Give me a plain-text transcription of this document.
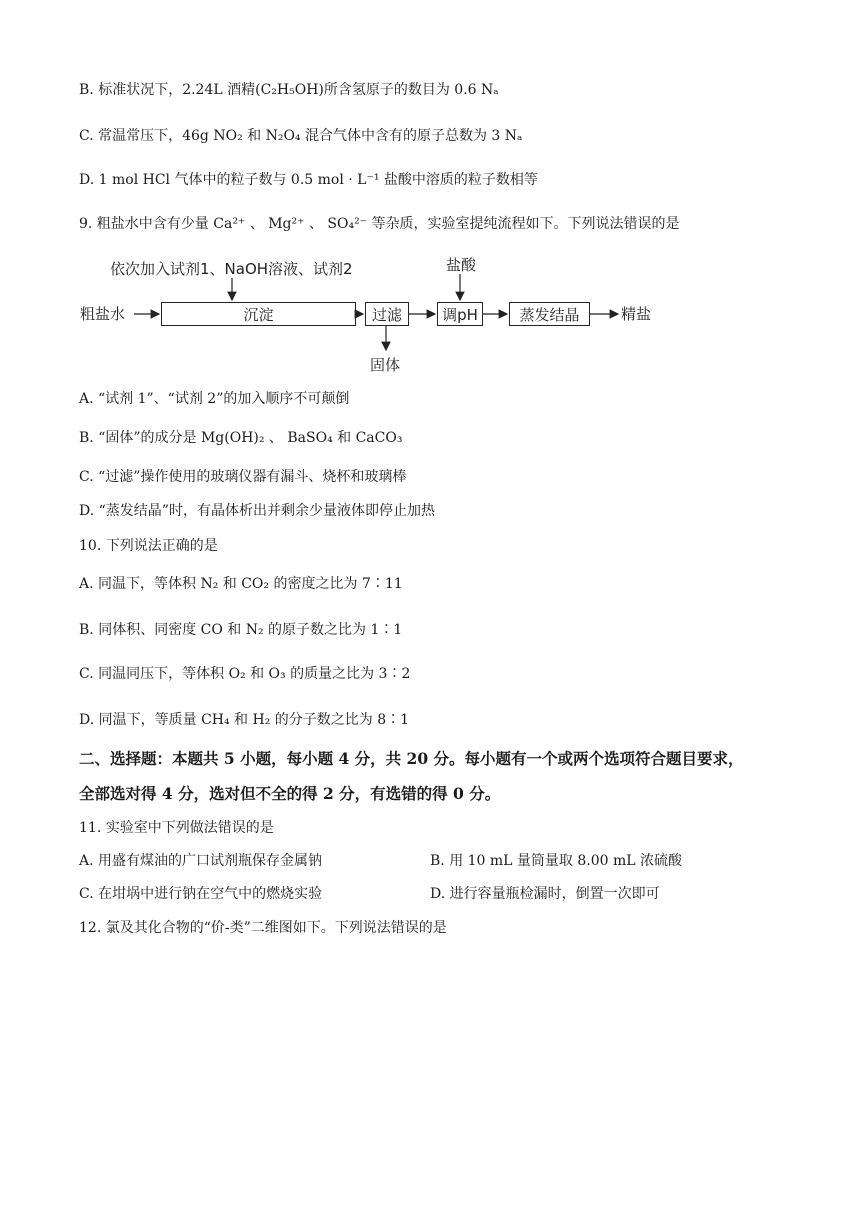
B. 标准状况下，2.24L 酒精(C₂H₅OH)所含氢原子的数目为 0.6 Nₐ
C. 常温常压下，46g NO₂ 和 N₂O₄ 混合气体中含有的原子总数为 3 Nₐ
D. 1 mol HCl 气体中的粒子数与 0.5 mol · L⁻¹ 盐酸中溶质的粒子数相等
9. 粗盐水中含有少量 Ca²⁺ 、 Mg²⁺ 、 SO₄²⁻ 等杂质，实验室提纯流程如下。下列说法错误的是
依次加入试剂1、NaOH溶液、试剂2	盐酸
粗盐水	沉淀	过滤	调pH	蒸发结晶	精盐
固体
A. “试剂 1”、“试剂 2”的加入顺序不可颠倒
B. “固体”的成分是 Mg(OH)₂ 、 BaSO₄ 和 CaCO₃
C. “过滤”操作使用的玻璃仪器有漏斗、烧杯和玻璃棒
D. “蒸发结晶”时，有晶体析出并剩余少量液体即停止加热
10. 下列说法正确的是
A. 同温下，等体积 N₂ 和 CO₂ 的密度之比为 7∶11
B. 同体积、同密度 CO 和 N₂ 的原子数之比为 1∶1
C. 同温同压下，等体积 O₂ 和 O₃ 的质量之比为 3∶2
D. 同温下，等质量 CH₄ 和 H₂ 的分子数之比为 8∶1
二、选择题：本题共 5 小题，每小题 4 分，共 20 分。每小题有一个或两个选项符合题目要求，
全部选对得 4 分，选对但不全的得 2 分，有选错的得 0 分。
11. 实验室中下列做法错误的是
A. 用盛有煤油的广口试剂瓶保存金属钠	B. 用 10 mL 量筒量取 8.00 mL 浓硫酸
C. 在坩埚中进行钠在空气中的燃烧实验	D. 进行容量瓶检漏时，倒置一次即可
12. 氯及其化合物的“价-类”二维图如下。下列说法错误的是
